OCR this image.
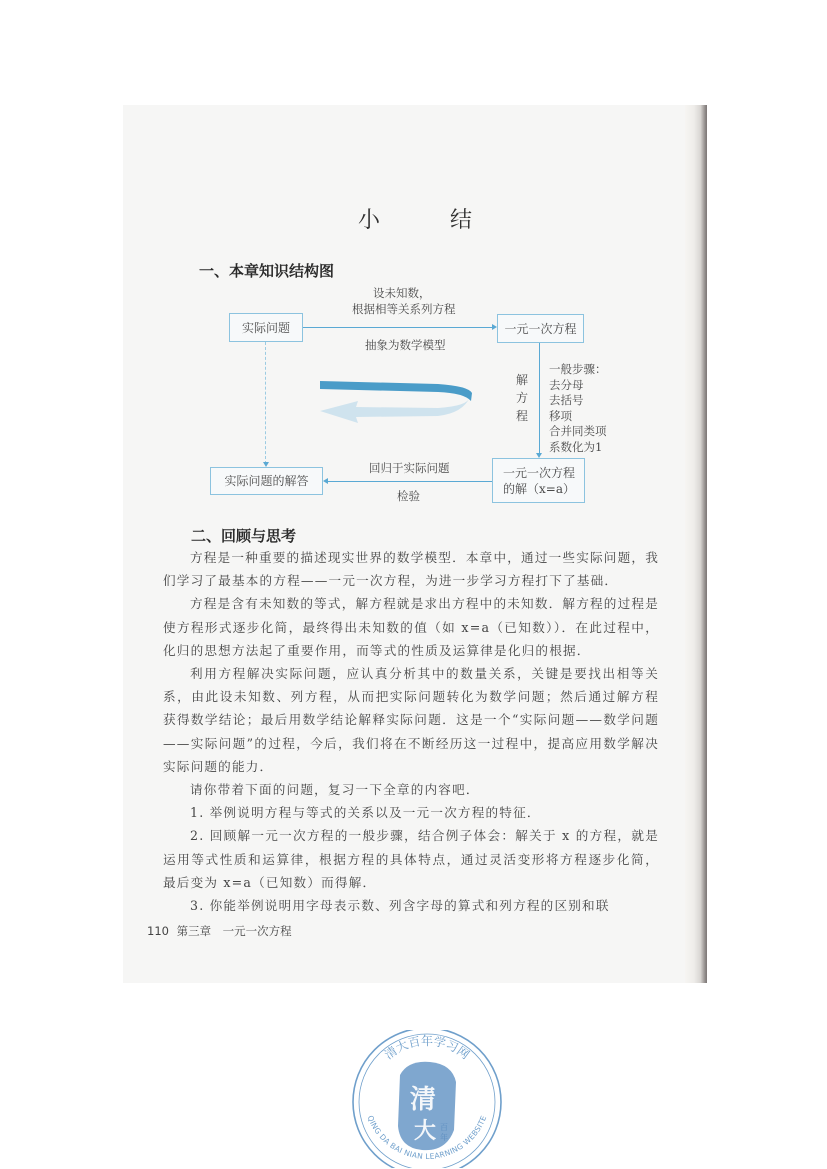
小　结
一、本章知识结构图
实际问题	一元一次方程
设未知数，
根据相等关系列方程
抽象为数学模型
解
方
程
一般步骤：
去分母
去括号
移项
合并同类项
系数化为1
一元一次方程
的解（x=a）
实际问题的解答
回归于实际问题
检验
二、回顾与思考

方程是一种重要的描述现实世界的数学模型．本章中，通过一些实际问题，我们学习了最基本的方程——一元一次方程，为进一步学习方程打下了基础．

方程是含有未知数的等式，解方程就是求出方程中的未知数．解方程的过程是使方程形式逐步化简，最终得出未知数的值（如 x=a（已知数））．在此过程中，化归的思想方法起了重要作用，而等式的性质及运算律是化归的根据．

利用方程解决实际问题，应认真分析其中的数量关系，关键是要找出相等关系，由此设未知数、列方程，从而把实际问题转化为数学问题；然后通过解方程获得数学结论；最后用数学结论解释实际问题．这是一个“实际问题——数学问题——实际问题”的过程，今后，我们将在不断经历这一过程中，提高应用数学解决实际问题的能力．

请你带着下面的问题，复习一下全章的内容吧．

1. 举例说明方程与等式的关系以及一元一次方程的特征．

2. 回顾解一元一次方程的一般步骤，结合例子体会：解关于 x 的方程，就是运用等式性质和运算律，根据方程的具体特点，通过灵活变形将方程逐步化简，最后变为 x=a（已知数）而得解．

3. 你能举例说明用字母表示数、列含字母的算式和列方程的区别和联

110 第三章　一元一次方程
清
大 百
年
清大百年学习网
QING DA BAI NIAN LEARNING WEBSITE
